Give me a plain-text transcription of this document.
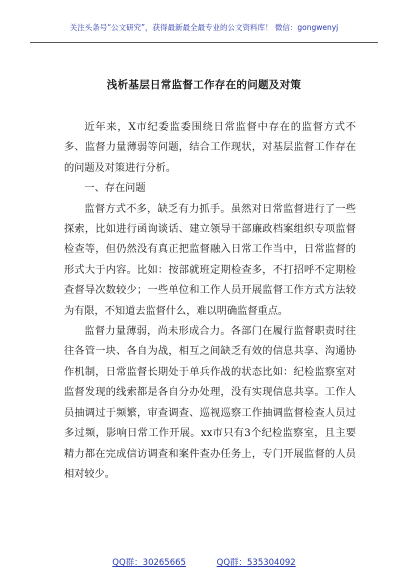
关注头条号“公文研究”，获得最新最全最专业的公文资料库！ 微信：gongwenyj
浅析基层日常监督工作存在的问题及对策

近年来，X市纪委监委围绕日常监督中存在的监督方式不多、监督力量薄弱等问题，结合工作现状，对基层监督工作存在的问题及对策进行分析。

一、存在问题

监督方式不多，缺乏有力抓手。虽然对日常监督进行了一些探索，比如进行函询谈话、建立领导干部廉政档案组织专项监督检查等，但仍然没有真正把监督融入日常工作当中，日常监督的形式大于内容。比如：按部就班定期检查多，不打招呼不定期检查督导次数较少；一些单位和工作人员开展监督工作方式方法较为有限，不知道去监督什么，难以明确监督重点。

监督力量薄弱，尚未形成合力。各部门在履行监督职责时往往各管一块、各自为战，相互之间缺乏有效的信息共享、沟通协作机制，日常监督长期处于单兵作战的状态比如：纪检监察室对监督发现的线索都是各自分办处理，没有实现信息共享。工作人员抽调过于频繁，审查调查、巡视巡察工作抽调监督检查人员过多过频，影响日常工作开展。xx市只有3个纪检监察室，且主要精力都在完成信访调查和案件查办任务上，专门开展监督的人员相对较少。

QQ群：30265665	QQ群：535304092
